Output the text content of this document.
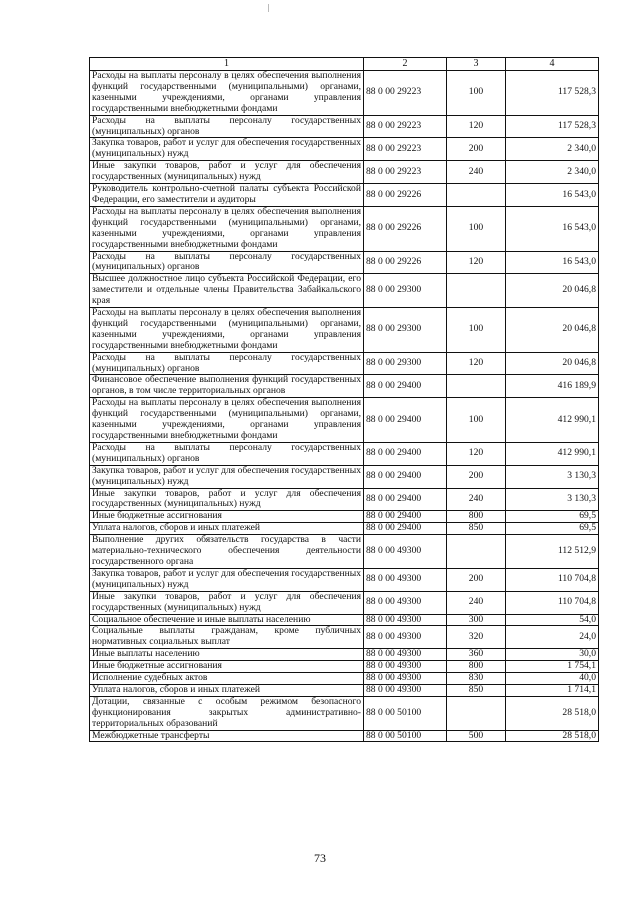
1	2	3	4
Расходы на выплаты персоналу в целях обеспечения выполнения функций государственными (муниципальными) органами, казенными учреждениями, органами управления государственными внебюджетными фондами	88 0 00 29223	100	117 528,3
Расходы на выплаты персоналу государственных (муниципальных) органов	88 0 00 29223	120	117 528,3
Закупка товаров, работ и услуг для обеспечения государственных (муниципальных) нужд	88 0 00 29223	200	2 340,0
Иные закупки товаров, работ и услуг для обеспечения государственных (муниципальных) нужд	88 0 00 29223	240	2 340,0
Руководитель контрольно-счетной палаты субъекта Российской Федерации, его заместители и аудиторы	88 0 00 29226		16 543,0
Расходы на выплаты персоналу в целях обеспечения выполнения функций государственными (муниципальными) органами, казенными учреждениями, органами управления государственными внебюджетными фондами	88 0 00 29226	100	16 543,0
Расходы на выплаты персоналу государственных (муниципальных) органов	88 0 00 29226	120	16 543,0
Высшее должностное лицо субъекта Российской Федерации, его заместители и отдельные члены Правительства Забайкальского края	88 0 00 29300		20 046,8
Расходы на выплаты персоналу в целях обеспечения выполнения функций государственными (муниципальными) органами, казенными учреждениями, органами управления государственными внебюджетными фондами	88 0 00 29300	100	20 046,8
Расходы на выплаты персоналу государственных (муниципальных) органов	88 0 00 29300	120	20 046,8
Финансовое обеспечение выполнения функций государственных органов, в том числе территориальных органов	88 0 00 29400		416 189,9
Расходы на выплаты персоналу в целях обеспечения выполнения функций государственными (муниципальными) органами, казенными учреждениями, органами управления государственными внебюджетными фондами	88 0 00 29400	100	412 990,1
Расходы на выплаты персоналу государственных (муниципальных) органов	88 0 00 29400	120	412 990,1
Закупка товаров, работ и услуг для обеспечения государственных (муниципальных) нужд	88 0 00 29400	200	3 130,3
Иные закупки товаров, работ и услуг для обеспечения государственных (муниципальных) нужд	88 0 00 29400	240	3 130,3
Иные бюджетные ассигнования	88 0 00 29400	800	69,5
Уплата налогов, сборов и иных платежей	88 0 00 29400	850	69,5
Выполнение других обязательств государства в части материально-технического обеспечения деятельности государственного органа	88 0 00 49300		112 512,9
Закупка товаров, работ и услуг для обеспечения государственных (муниципальных) нужд	88 0 00 49300	200	110 704,8
Иные закупки товаров, работ и услуг для обеспечения государственных (муниципальных) нужд	88 0 00 49300	240	110 704,8
Социальное обеспечение и иные выплаты населению	88 0 00 49300	300	54,0
Социальные выплаты гражданам, кроме публичных нормативных социальных выплат	88 0 00 49300	320	24,0
Иные выплаты населению	88 0 00 49300	360	30,0
Иные бюджетные ассигнования	88 0 00 49300	800	1 754,1
Исполнение судебных актов	88 0 00 49300	830	40,0
Уплата налогов, сборов и иных платежей	88 0 00 49300	850	1 714,1
Дотации, связанные с особым режимом безопасного функционирования закрытых административно-территориальных образований	88 0 00 50100		28 518,0
Межбюджетные трансферты	88 0 00 50100	500	28 518,0
73
